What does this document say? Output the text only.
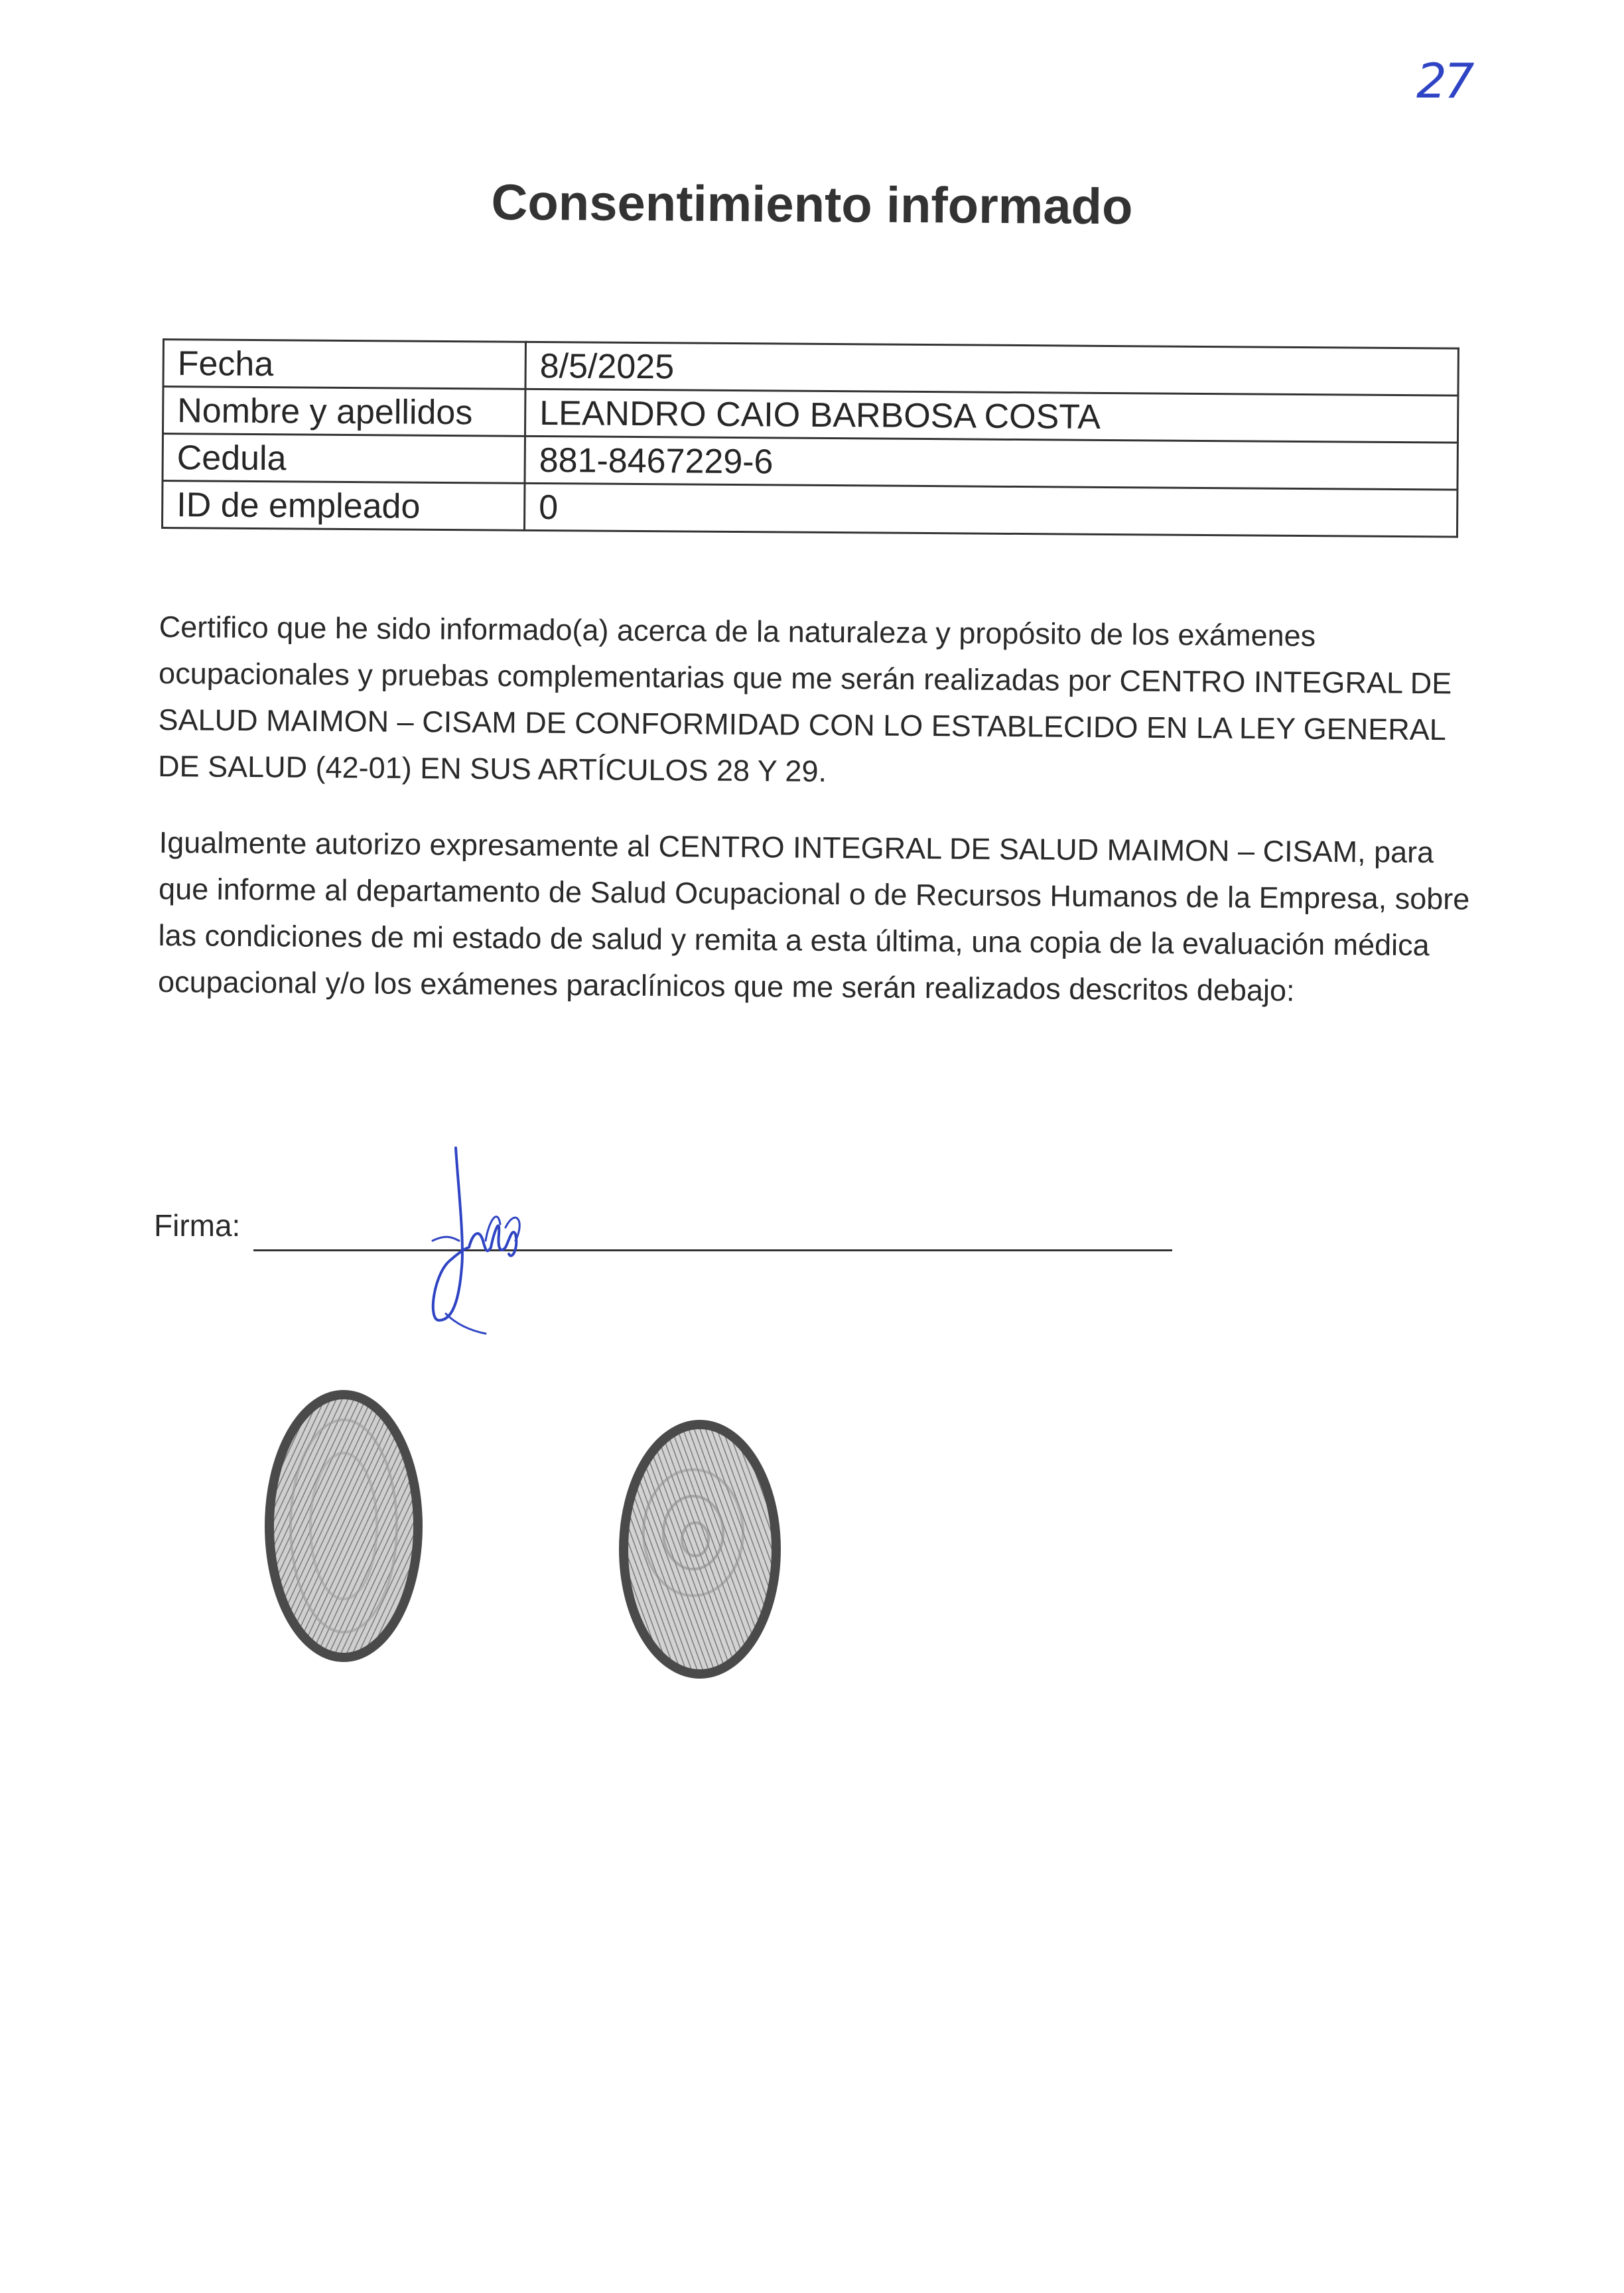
27
Consentimiento informado
Fecha	8/5/2025
Nombre y apellidos	LEANDRO CAIO BARBOSA COSTA
Cedula	881-8467229-6
ID de empleado	0

Certifico que he sido informado(a) acerca de la naturaleza y propósito de los exámenes ocupacionales y pruebas complementarias que me serán realizadas por CENTRO INTEGRAL DE SALUD MAIMON – CISAM DE CONFORMIDAD CON LO ESTABLECIDO EN LA LEY GENERAL DE SALUD (42-01) EN SUS ARTÍCULOS 28 Y 29.

Igualmente autorizo expresamente al CENTRO INTEGRAL DE SALUD MAIMON – CISAM, para que informe al departamento de Salud Ocupacional o de Recursos Humanos de la Empresa, sobre las condiciones de mi estado de salud y remita a esta última, una copia de la evaluación médica ocupacional y/o los exámenes paraclínicos que me serán realizados descritos debajo:

Firma:
